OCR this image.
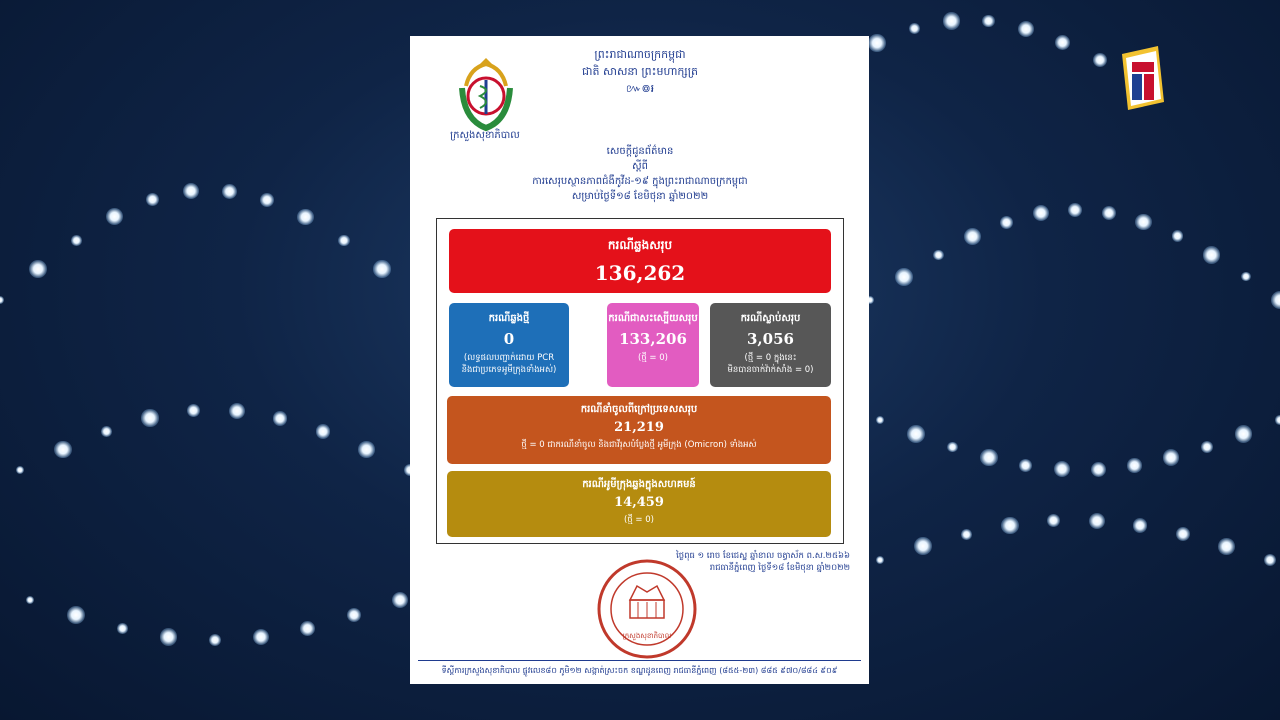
ក្រសួងសុខាភិបាល
ព្រះរាជាណាចក្រកម្ពុជា
ជាតិ សាសនា ព្រះមហាក្សត្រ
៚៙៛
សេចក្ដីជូនព័ត៌មាន
ស្ដីពី
ការសេរុបស្ថានភាពជំងឺកូវីដ-១៩ ក្នុងព្រះរាជាណាចក្រកម្ពុជា
សម្រាប់ថ្ងៃទី១៨ ខែមិថុនា ឆ្នាំ២០២២
ករណីឆ្លងសរុប
136,262
ករណីឆ្លងថ្មី
0
(លទ្ធផលបញ្ជាក់ដោយ PCR
និងជាប្រភេទអូមីក្រុងទាំងអស់)
ករណីជាសះស្បើយសរុប
133,206
(ថ្មី = 0)
ករណីស្លាប់សរុប
3,056
(ថ្មី = 0 ក្នុងនេះ
មិនបានចាក់វ៉ាក់សាំង = 0)
ករណីនាំចូលពីក្រៅប្រទេសសរុប
21,219
ថ្មី = 0 ជាករណីនាំចូល និងជាវីរុសបំប្លែងថ្មី អូមីក្រុង (Omicron) ទាំងអស់
ករណីអូមីក្រុងឆ្លងក្នុងសហគមន៍
14,459
(ថ្មី = 0)
ថ្ងៃពុធ ១ រោច ខែជេស្ឋ ឆ្នាំខាល ចត្វាស័ក ព.ស.២៥៦៦
រាជធានីភ្នំពេញ ថ្ងៃទី១៨ ខែមិថុនា ឆ្នាំ២០២២
ក្រសួងសុខាភិបាល
ទីស្ដីការក្រសួងសុខាភិបាល ផ្លូវលេខ៨០ ភូមិ១២ សង្កាត់ស្រះចក ខណ្ឌដូនពេញ រាជធានីភ្នំពេញ (៨៥៥-២៣) ៨៨៥ ៩៧០/៨៨៤ ៩០៩
